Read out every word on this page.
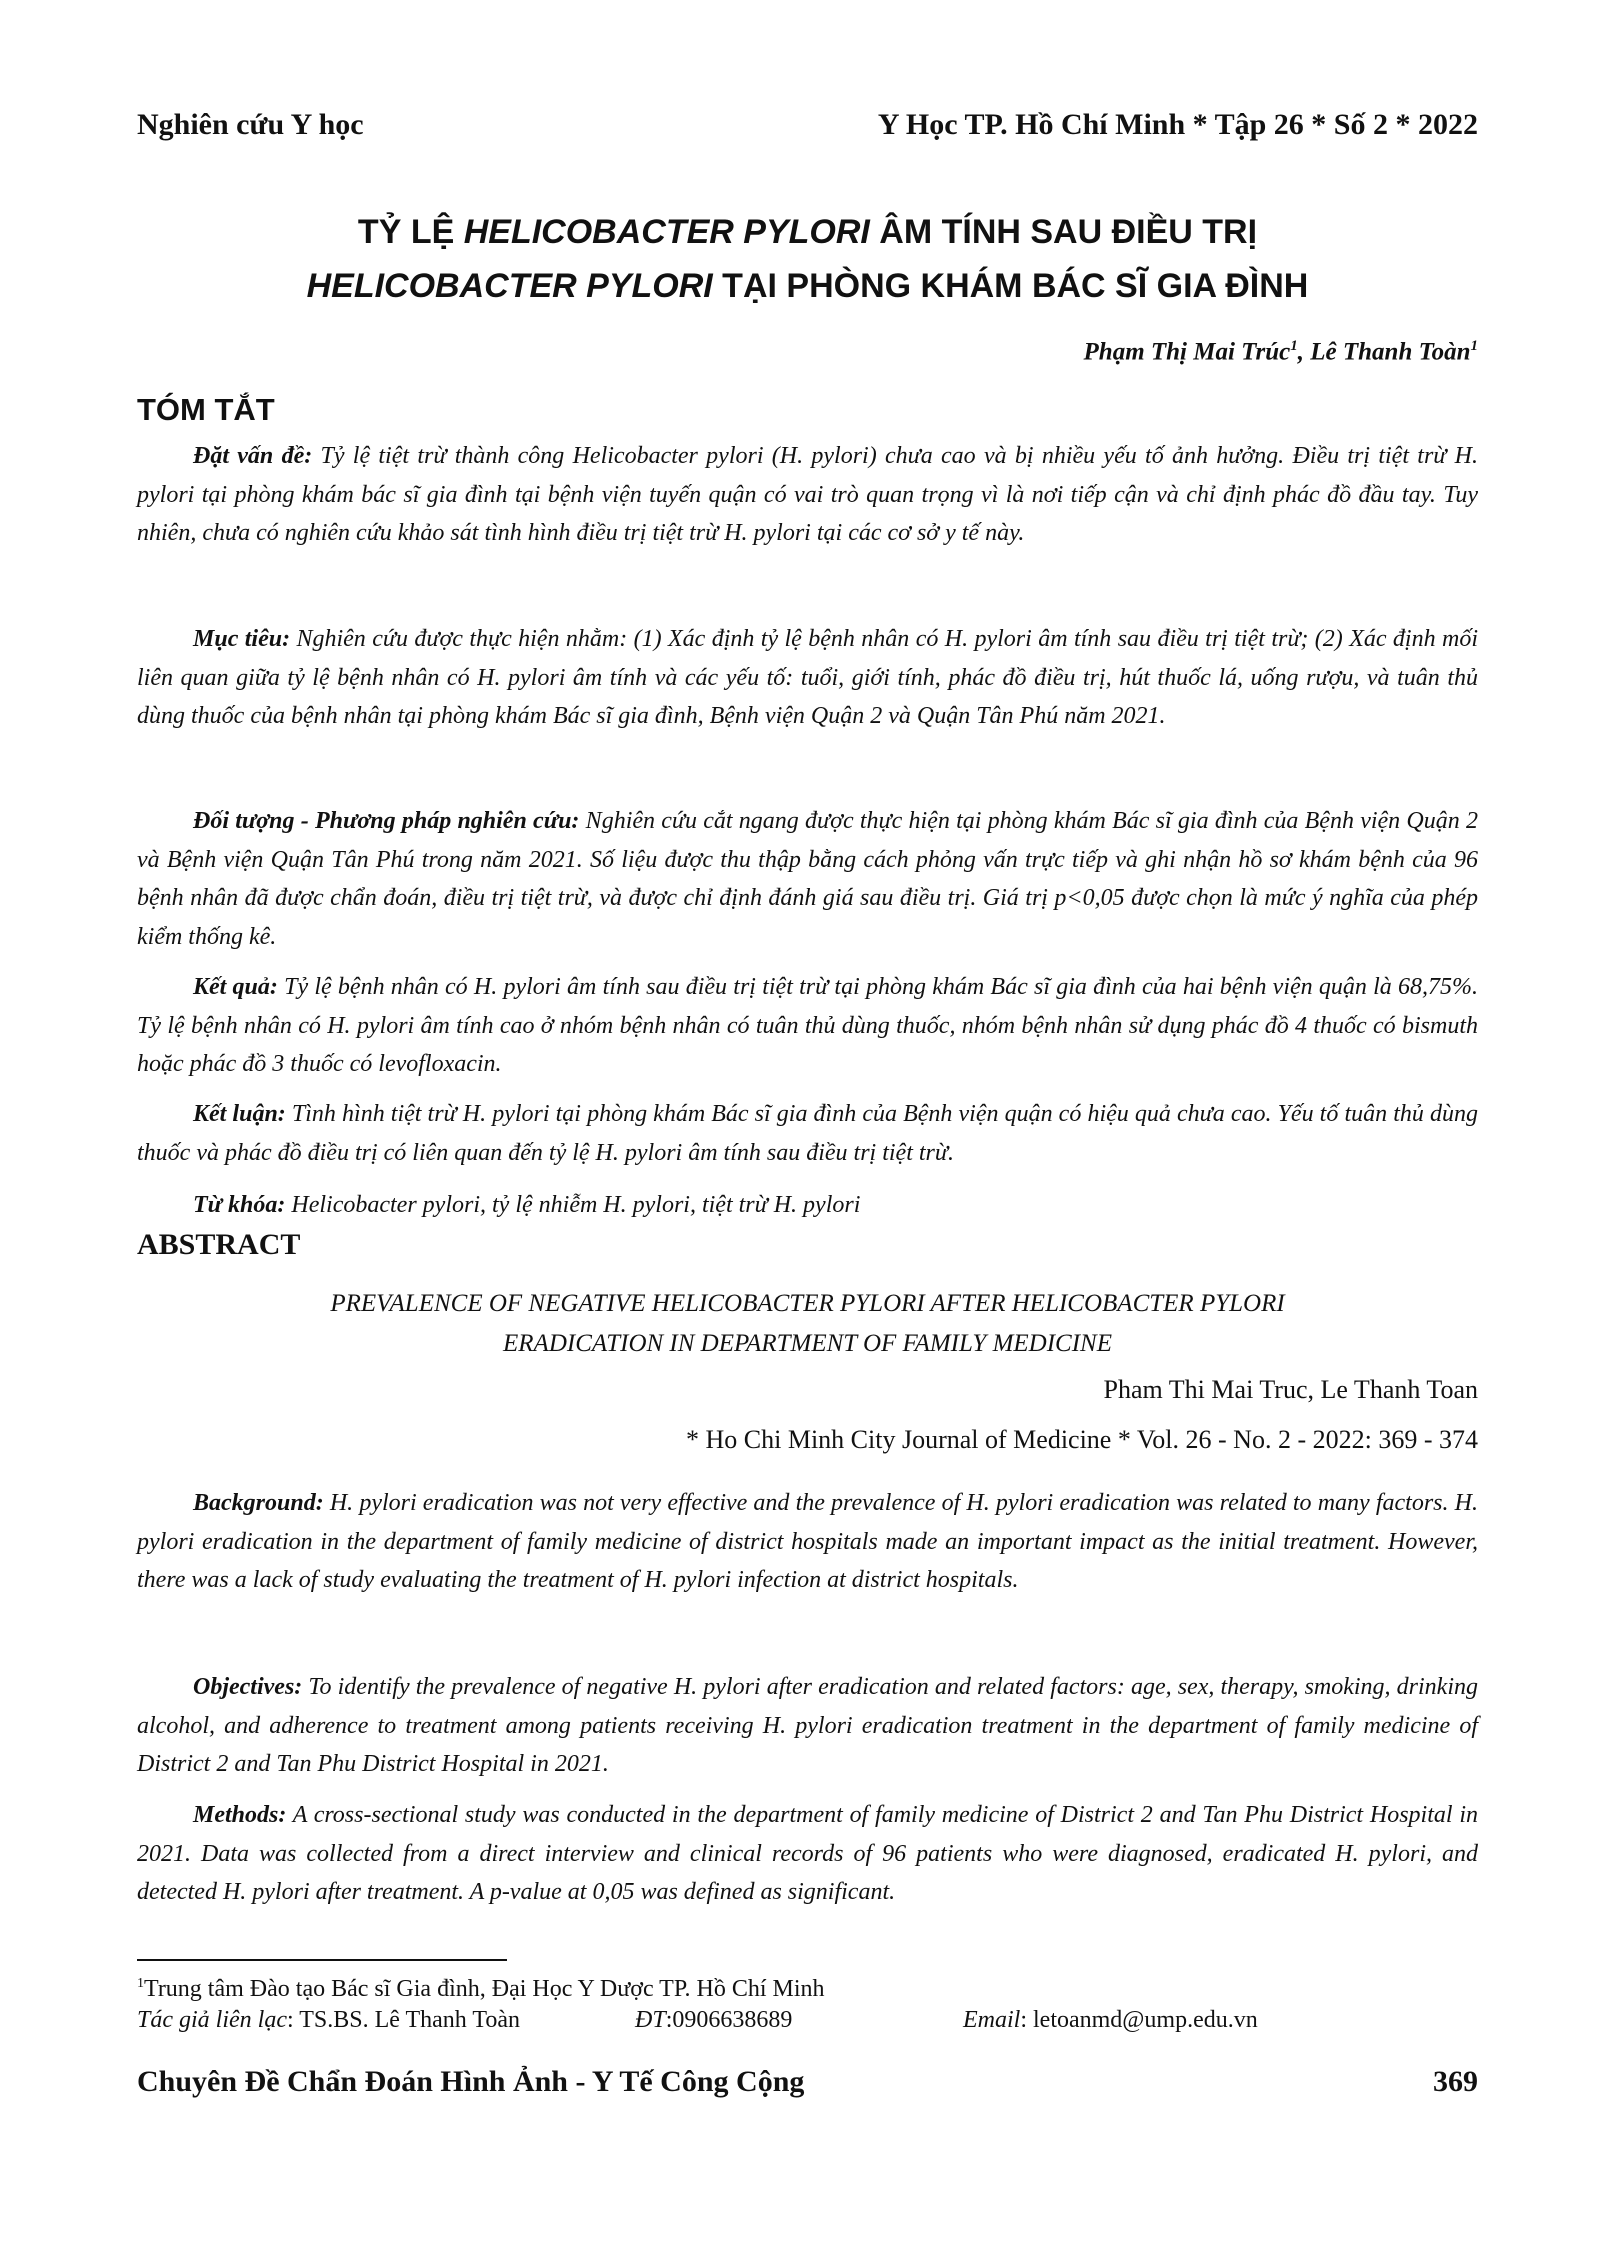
Nghiên cứu Y học	Y Học TP. Hồ Chí Minh * Tập 26 * Số 2 * 2022
TỶ LỆ HELICOBACTER PYLORI ÂM TÍNH SAU ĐIỀU TRỊ
HELICOBACTER PYLORI TẠI PHÒNG KHÁM BÁC SĨ GIA ĐÌNH
Phạm Thị Mai Trúc$^1$, Lê Thanh Toàn$^1$
TÓM TẮT

Đặt vấn đề: Tỷ lệ tiệt trừ thành công Helicobacter pylori (H. pylori) chưa cao và bị nhiều yếu tố ảnh hưởng. Điều trị tiệt trừ H. pylori tại phòng khám bác sĩ gia đình tại bệnh viện tuyến quận có vai trò quan trọng vì là nơi tiếp cận và chỉ định phác đồ đầu tay. Tuy nhiên, chưa có nghiên cứu khảo sát tình hình điều trị tiệt trừ H. pylori tại các cơ sở y tế này.

Mục tiêu: Nghiên cứu được thực hiện nhằm: (1) Xác định tỷ lệ bệnh nhân có H. pylori âm tính sau điều trị tiệt trừ; (2) Xác định mối liên quan giữa tỷ lệ bệnh nhân có H. pylori âm tính và các yếu tố: tuổi, giới tính, phác đồ điều trị, hút thuốc lá, uống rượu, và tuân thủ dùng thuốc của bệnh nhân tại phòng khám Bác sĩ gia đình, Bệnh viện Quận 2 và Quận Tân Phú năm 2021.

Đối tượng - Phương pháp nghiên cứu: Nghiên cứu cắt ngang được thực hiện tại phòng khám Bác sĩ gia đình của Bệnh viện Quận 2 và Bệnh viện Quận Tân Phú trong năm 2021. Số liệu được thu thập bằng cách phỏng vấn trực tiếp và ghi nhận hồ sơ khám bệnh của 96 bệnh nhân đã được chẩn đoán, điều trị tiệt trừ, và được chỉ định đánh giá sau điều trị. Giá trị p<0,05 được chọn là mức ý nghĩa của phép kiểm thống kê.

Kết quả: Tỷ lệ bệnh nhân có H. pylori âm tính sau điều trị tiệt trừ tại phòng khám Bác sĩ gia đình của hai bệnh viện quận là 68,75%. Tỷ lệ bệnh nhân có H. pylori âm tính cao ở nhóm bệnh nhân có tuân thủ dùng thuốc, nhóm bệnh nhân sử dụng phác đồ 4 thuốc có bismuth hoặc phác đồ 3 thuốc có levofloxacin.

Kết luận: Tình hình tiệt trừ H. pylori tại phòng khám Bác sĩ gia đình của Bệnh viện quận có hiệu quả chưa cao. Yếu tố tuân thủ dùng thuốc và phác đồ điều trị có liên quan đến tỷ lệ H. pylori âm tính sau điều trị tiệt trừ.

Từ khóa: Helicobacter pylori, tỷ lệ nhiễm H. pylori, tiệt trừ H. pylori

ABSTRACT
PREVALENCE OF NEGATIVE HELICOBACTER PYLORI AFTER HELICOBACTER PYLORI
ERADICATION IN DEPARTMENT OF FAMILY MEDICINE
Pham Thi Mai Truc, Le Thanh Toan
* Ho Chi Minh City Journal of Medicine * Vol. 26 - No. 2 - 2022: 369 - 374

Background: H. pylori eradication was not very effective and the prevalence of H. pylori eradication was related to many factors. H. pylori eradication in the department of family medicine of district hospitals made an important impact as the initial treatment. However, there was a lack of study evaluating the treatment of H. pylori infection at district hospitals.

Objectives: To identify the prevalence of negative H. pylori after eradication and related factors: age, sex, therapy, smoking, drinking alcohol, and adherence to treatment among patients receiving H. pylori eradication treatment in the department of family medicine of District 2 and Tan Phu District Hospital in 2021.

Methods: A cross-sectional study was conducted in the department of family medicine of District 2 and Tan Phu District Hospital in 2021. Data was collected from a direct interview and clinical records of 96 patients who were diagnosed, eradicated H. pylori, and detected H. pylori after treatment. A p-value at 0,05 was defined as significant.

$^1$Trung tâm Đào tạo Bác sĩ Gia đình, Đại Học Y Dược TP. Hồ Chí Minh
Tác giả liên lạc: TS.BS. Lê Thanh Toàn	ĐT:0906638689	Email: letoanmd@ump.edu.vn
Chuyên Đề Chẩn Đoán Hình Ảnh - Y Tế Công Cộng	369
